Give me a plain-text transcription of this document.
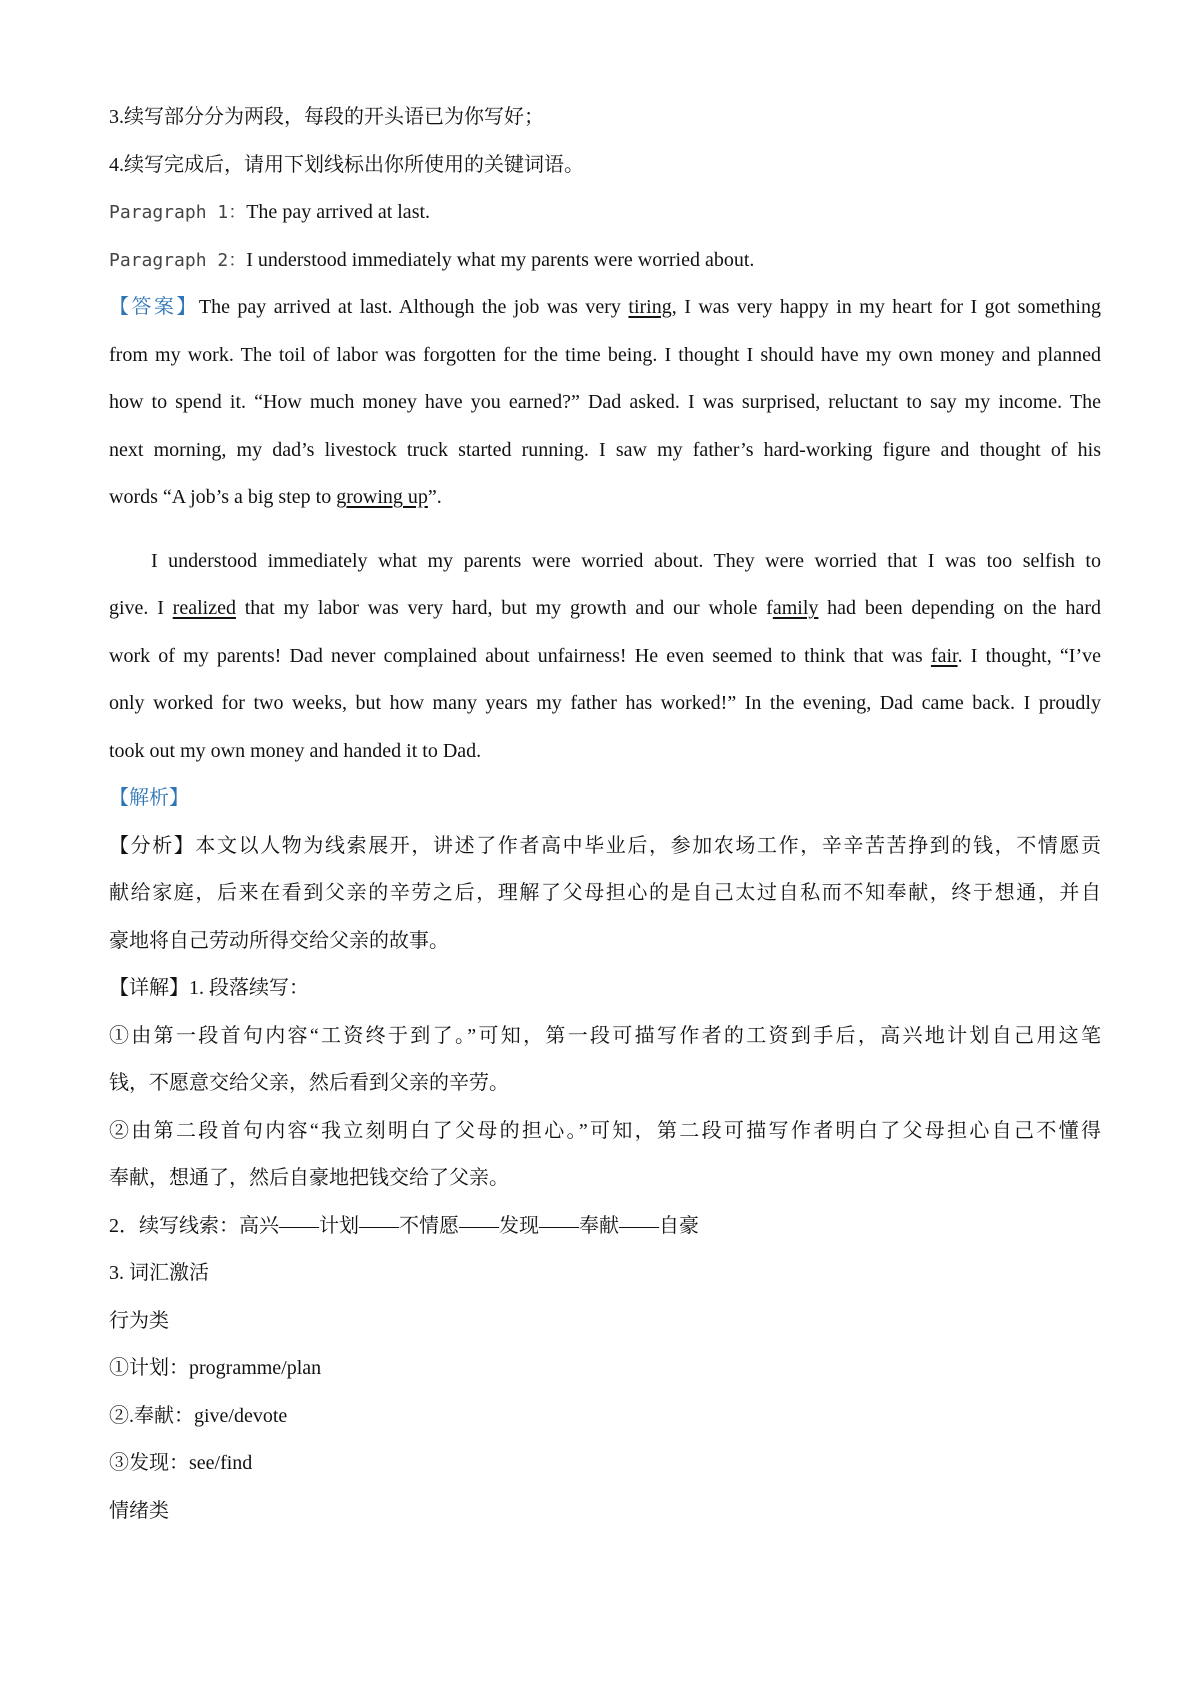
3.续写部分分为两段，每段的开头语已为你写好；
4.续写完成后，请用下划线标出你所使用的关键词语。
Paragraph 1：The pay arrived at last.
Paragraph 2：I understood immediately what my parents were worried about.
【答案】The pay arrived at last. Although the job was very tiring, I was very happy in my heart for I got something
from my work. The toil of labor was forgotten for the time being. I thought I should have my own money and planned
how to spend it. “How much money have you earned?” Dad asked. I was surprised, reluctant to say my income. The
next morning, my dad’s livestock truck started running. I saw my father’s hard-working figure and thought of his
words “A job’s a big step to growing up”.
I understood immediately what my parents were worried about. They were worried that I was too selfish to
give. I realized that my labor was very hard, but my growth and our whole family had been depending on the hard
work of my parents! Dad never complained about unfairness! He even seemed to think that was fair. I thought, “I’ve
only worked for two weeks, but how many years my father has worked!” In the evening, Dad came back. I proudly
took out my own money and handed it to Dad.
【解析】
【分析】本文以人物为线索展开，讲述了作者高中毕业后，参加农场工作，辛辛苦苦挣到的钱，不情愿贡
献给家庭，后来在看到父亲的辛劳之后，理解了父母担心的是自己太过自私而不知奉献，终于想通，并自
豪地将自己劳动所得交给父亲的故事。
【详解】1. 段落续写：
①由第一段首句内容“工资终于到了。”可知，第一段可描写作者的工资到手后，高兴地计划自己用这笔
钱，不愿意交给父亲，然后看到父亲的辛劳。
②由第二段首句内容“我立刻明白了父母的担心。”可知，第二段可描写作者明白了父母担心自己不懂得
奉献，想通了，然后自豪地把钱交给了父亲。
2．续写线索：高兴——计划——不情愿——发现——奉献——自豪
3. 词汇激活
行为类
①计划：programme/plan
②.奉献：give/devote
③发现：see/find
情绪类
